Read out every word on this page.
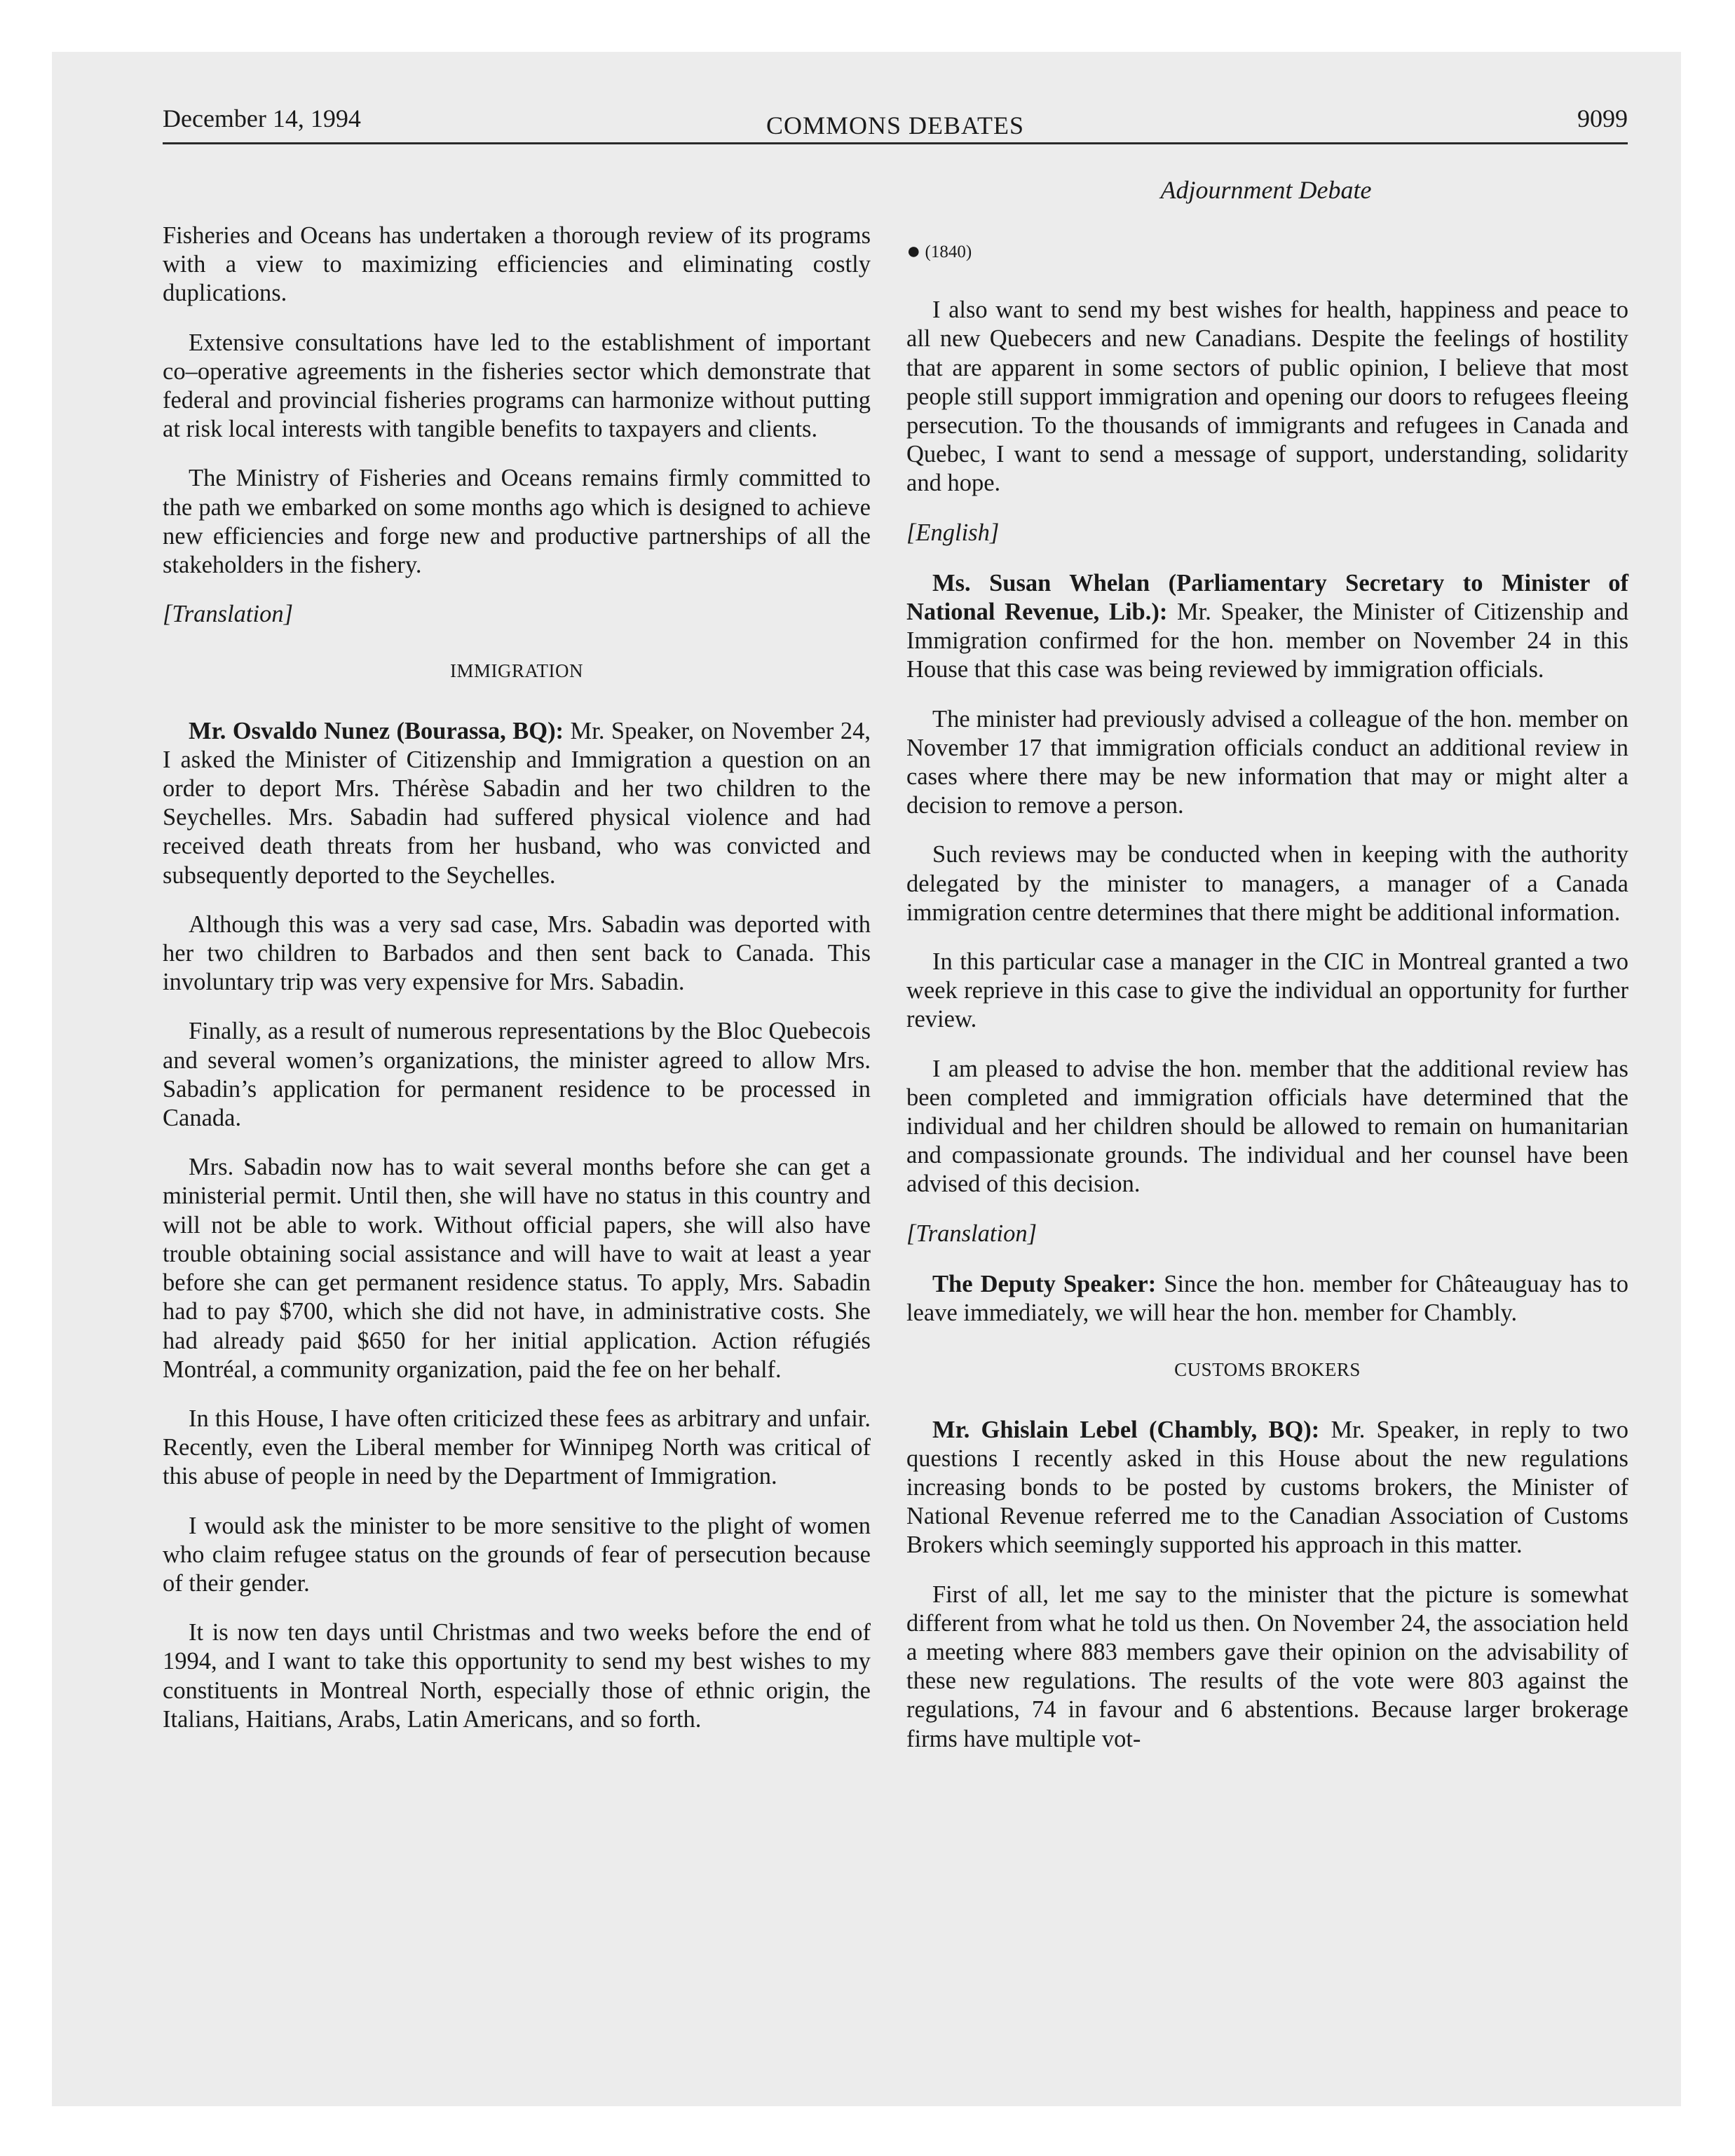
December 14, 1994	COMMONS DEBATES	9099
Adjournment Debate

Fisheries and Oceans has undertaken a thorough review of its programs with a view to maximizing efficiencies and eliminating costly duplications.

Extensive consultations have led to the establishment of important co–operative agreements in the fisheries sector which demonstrate that federal and provincial fisheries programs can harmonize without putting at risk local interests with tangible benefits to taxpayers and clients.

The Ministry of Fisheries and Oceans remains firmly committed to the path we embarked on some months ago which is designed to achieve new efficiencies and forge new and productive partnerships of all the stakeholders in the fishery.

[Translation]

IMMIGRATION

Mr. Osvaldo Nunez (Bourassa, BQ): Mr. Speaker, on November 24, I asked the Minister of Citizenship and Immigration a question on an order to deport Mrs. Thérèse Sabadin and her two children to the Seychelles. Mrs. Sabadin had suffered physical violence and had received death threats from her husband, who was convicted and subsequently deported to the Seychelles.

Although this was a very sad case, Mrs. Sabadin was deported with her two children to Barbados and then sent back to Canada. This involuntary trip was very expensive for Mrs. Sabadin.

Finally, as a result of numerous representations by the Bloc Quebecois and several women’s organizations, the minister agreed to allow Mrs. Sabadin’s application for permanent residence to be processed in Canada.

Mrs. Sabadin now has to wait several months before she can get a ministerial permit. Until then, she will have no status in this country and will not be able to work. Without official papers, she will also have trouble obtaining social assistance and will have to wait at least a year before she can get permanent residence status. To apply, Mrs. Sabadin had to pay $700, which she did not have, in administrative costs. She had already paid $650 for her initial application. Action réfugiés Montréal, a community organization, paid the fee on her behalf.

In this House, I have often criticized these fees as arbitrary and unfair. Recently, even the Liberal member for Winnipeg North was critical of this abuse of people in need by the Department of Immigration.

I would ask the minister to be more sensitive to the plight of women who claim refugee status on the grounds of fear of persecution because of their gender.

It is now ten days until Christmas and two weeks before the end of 1994, and I want to take this opportunity to send my best wishes to my constituents in Montreal North, especially those of ethnic origin, the Italians, Haitians, Arabs, Latin Americans, and so forth.

● (1840)

I also want to send my best wishes for health, happiness and peace to all new Quebecers and new Canadians. Despite the feelings of hostility that are apparent in some sectors of public opinion, I believe that most people still support immigration and opening our doors to refugees fleeing persecution. To the thousands of immigrants and refugees in Canada and Quebec, I want to send a message of support, understanding, solidarity and hope.

[English]

Ms. Susan Whelan (Parliamentary Secretary to Minister of National Revenue, Lib.): Mr. Speaker, the Minister of Citizenship and Immigration confirmed for the hon. member on November 24 in this House that this case was being reviewed by immigration officials.

The minister had previously advised a colleague of the hon. member on November 17 that immigration officials conduct an additional review in cases where there may be new information that may or might alter a decision to remove a person.

Such reviews may be conducted when in keeping with the authority delegated by the minister to managers, a manager of a Canada immigration centre determines that there might be additional information.

In this particular case a manager in the CIC in Montreal granted a two week reprieve in this case to give the individual an opportunity for further review.

I am pleased to advise the hon. member that the additional review has been completed and immigration officials have determined that the individual and her children should be allowed to remain on humanitarian and compassionate grounds. The individual and her counsel have been advised of this decision.

[Translation]

The Deputy Speaker: Since the hon. member for Châteauguay has to leave immediately, we will hear the hon. member for Chambly.

CUSTOMS BROKERS

Mr. Ghislain Lebel (Chambly, BQ): Mr. Speaker, in reply to two questions I recently asked in this House about the new regulations increasing bonds to be posted by customs brokers, the Minister of National Revenue referred me to the Canadian Association of Customs Brokers which seemingly supported his approach in this matter.

First of all, let me say to the minister that the picture is somewhat different from what he told us then. On November 24, the association held a meeting where 883 members gave their opinion on the advisability of these new regulations. The results of the vote were 803 against the regulations, 74 in favour and 6 abstentions. Because larger brokerage firms have multiple vot-
